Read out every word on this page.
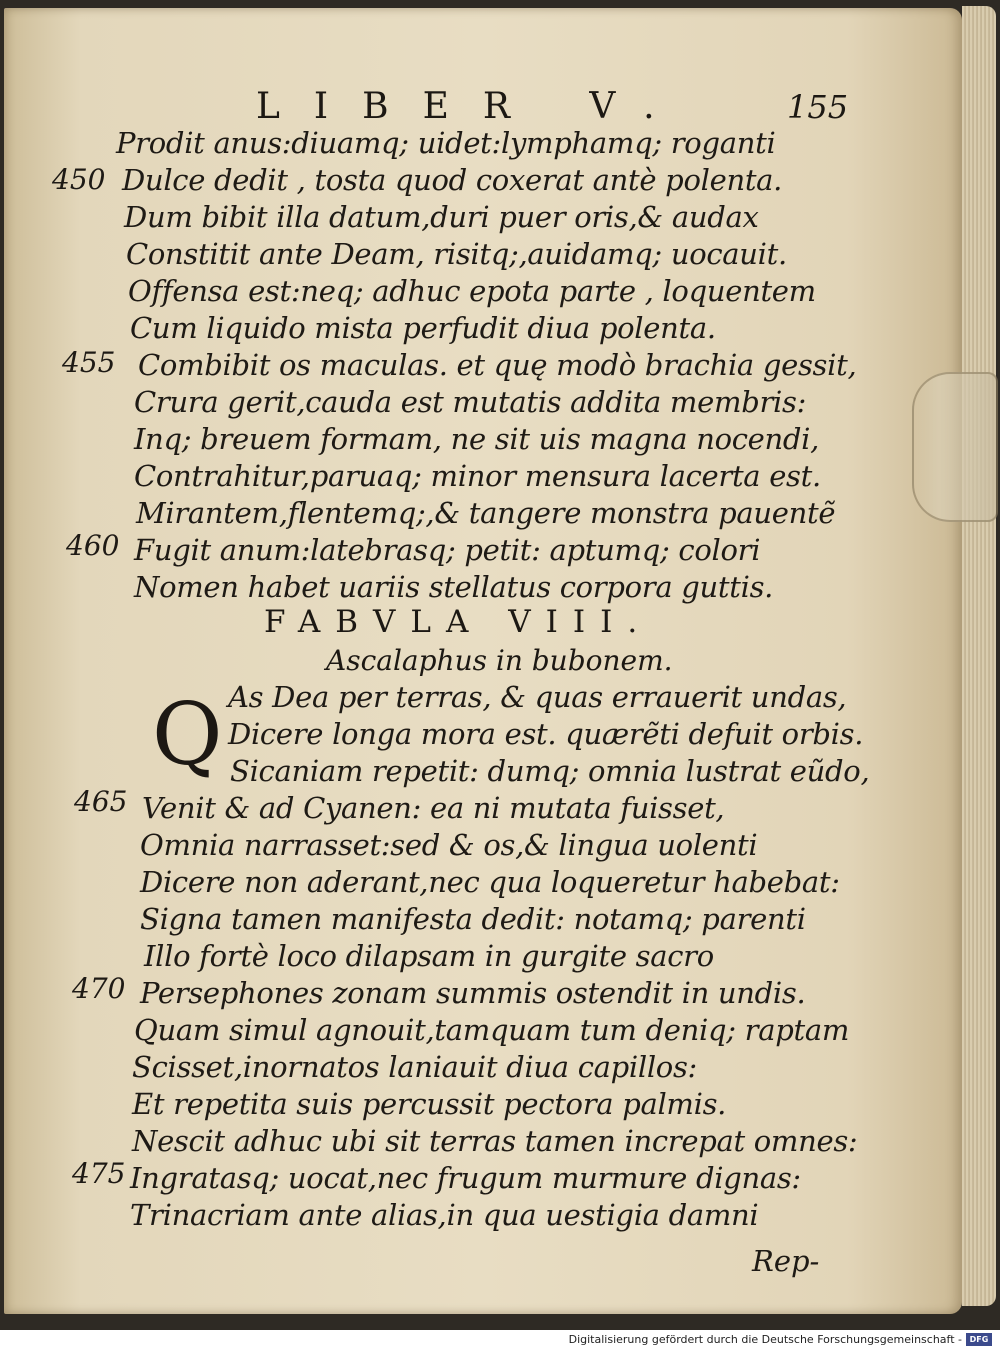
LIBER V.	155
Prodit anus:diuamq; uidet:lymphamq; roganti
Dulce dedit , tosta quod coxerat antè polenta.
Dum bibit illa datum,duri puer oris,& audax
Constitit ante Deam, risitq;,auidamq; uocauit.
Offensa est:neq; adhuc epota parte , loquentem
Cum liquido mista perfudit diua polenta.
Combibit os maculas. et quę modò brachia gessit,
Crura gerit,cauda est mutatis addita membris:
Inq; breuem formam, ne sit uis magna nocendi,
Contrahitur,paruaq; minor mensura lacerta est.
Mirantem,flentemq;,& tangere monstra pauentẽ
Fugit anum:latebrasq; petit: aptumq; colori
Nomen habet uariis stellatus corpora guttis.
FABVLA VIII.
Ascalaphus in bubonem.
Q As Dea per terras, & quas errauerit undas,
Dicere longa mora est. quærẽti defuit orbis.
Sicaniam repetit: dumq; omnia lustrat eũdo,
Venit & ad Cyanen: ea ni mutata fuisset,
Omnia narrasset:sed & os,& lingua uolenti
Dicere non aderant,nec qua loqueretur habebat:
Signa tamen manifesta dedit: notamq; parenti
Illo fortè loco dilapsam in gurgite sacro
Persephones zonam summis ostendit in undis.
Quam simul agnouit,tamquam tum deniq; raptam
Scisset,inornatos laniauit diua capillos:
Et repetita suis percussit pectora palmis.
Nescit adhuc ubi sit terras tamen increpat omnes:
Ingratasq; uocat,nec frugum murmure dignas:
Trinacriam ante alias,in qua uestigia damni
450
455
460
465
470
475
Rep-
Digitalisierung gefördert durch die Deutsche Forschungsgemeinschaft - DFG
